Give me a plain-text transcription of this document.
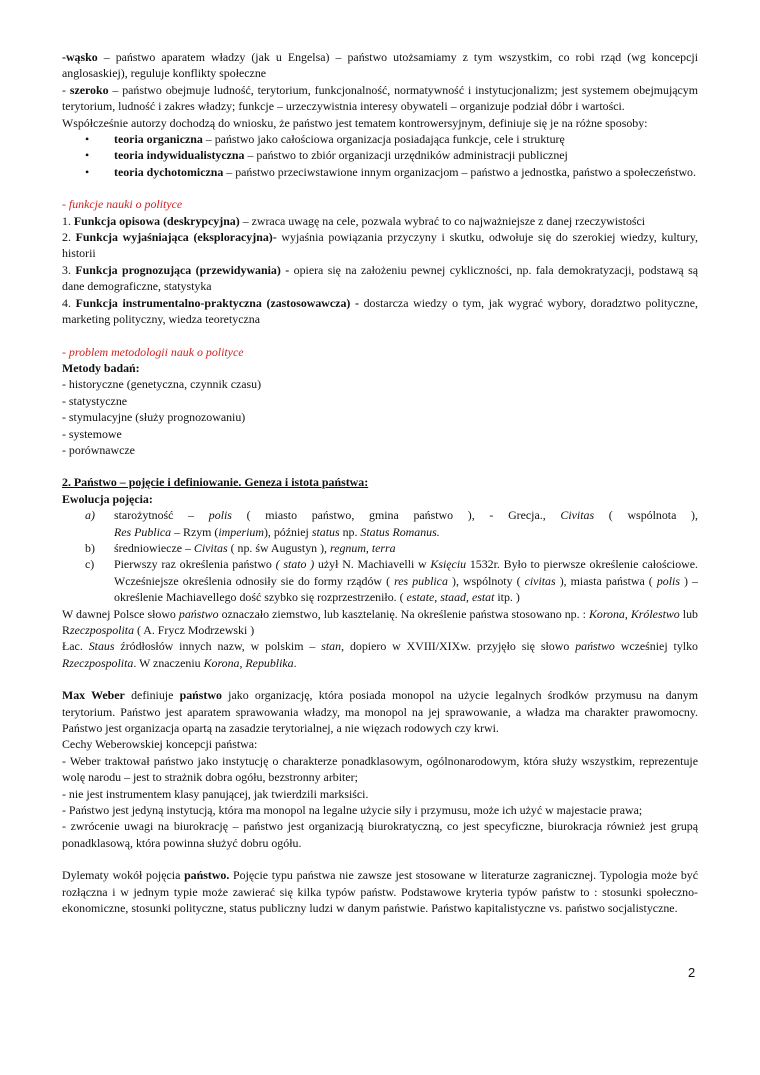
-wąsko – państwo aparatem władzy (jak u Engelsa) – państwo utożsamiamy z tym wszystkim, co robi rząd (wg koncepcji anglosaskiej), reguluje konflikty społeczne

- szeroko – państwo obejmuje ludność, terytorium, funkcjonalność, normatywność i instytucjonalizm; jest systemem obejmującym terytorium, ludność i zakres władzy; funkcje – urzeczywistnia interesy obywateli – organizuje podział dóbr i wartości.

Współcześnie autorzy dochodzą do wniosku, że państwo jest tematem kontrowersyjnym, definiuje się je na różne sposoby:

• teoria organiczna – państwo jako całościowa organizacja posiadająca funkcje, cele i strukturę
• teoria indywidualistyczna – państwo to zbiór organizacji urzędników administracji publicznej
• teoria dychotomiczna – państwo przeciwstawione innym organizacjom – państwo a jednostka, państwo a społeczeństwo.

- funkcje nauki o polityce

1. Funkcja opisowa (deskrypcyjna) – zwraca uwagę na cele, pozwala wybrać to co najważniejsze z danej rzeczywistości

2. Funkcja wyjaśniająca (eksploracyjna)- wyjaśnia powiązania przyczyny i skutku, odwołuje się do szerokiej wiedzy, kultury, historii

3. Funkcja prognozująca (przewidywania) - opiera się na założeniu pewnej cykliczności, np. fala demokratyzacji, podstawą są dane demograficzne, statystyka

4. Funkcja instrumentalno-praktyczna (zastosowawcza) - dostarcza wiedzy o tym, jak wygrać wybory, doradztwo polityczne, marketing polityczny, wiedza teoretyczna

- problem metodologii nauk o polityce

Metody badań:

- historyczne (genetyczna, czynnik czasu)

- statystyczne

- stymulacyjne (służy prognozowaniu)

- systemowe

- porównawcze

2. Państwo – pojęcie i definiowanie. Geneza i istota państwa:

Ewolucja pojęcia:

a) starożytność – polis ( miasto państwo, gmina państwo ), - Grecja., Civitas ( wspólnota ),
Res Publica – Rzym (imperium), później status np. Status Romanus.
b) średniowiecze – Civitas ( np. św Augustyn ), regnum, terra
c) Pierwszy raz określenia państwo ( stato ) użył N. Machiavelli w Księciu 1532r. Było to pierwsze określenie całościowe. Wcześniejsze określenia odnosiły sie do formy rządów ( res publica ), wspólnoty ( civitas ), miasta państwa ( polis ) – określenie Machiavellego dość szybko się rozprzestrzeniło. ( estate, staad, estat itp. )

W dawnej Polsce słowo państwo oznaczało ziemstwo, lub kasztelanię. Na określenie państwa stosowano np. : Korona, Królestwo lub Rzeczpospolita ( A. Frycz Modrzewski )

Łac. Staus źródłosłów innych nazw, w polskim – stan, dopiero w XVIII/XIXw. przyjęło się słowo państwo wcześniej tylko Rzeczpospolita. W znaczeniu Korona, Republika.

Max Weber definiuje państwo jako organizację, która posiada monopol na użycie legalnych środków przymusu na danym terytorium. Państwo jest aparatem sprawowania władzy, ma monopol na jej sprawowanie, a władza ma charakter prawomocny. Państwo jest organizacja opartą na zasadzie terytorialnej, a nie więzach rodowych czy krwi.

Cechy Weberowskiej koncepcji państwa:

- Weber traktował państwo jako instytucję o charakterze ponadklasowym, ogólnonarodowym, która służy wszystkim, reprezentuje wolę narodu – jest to strażnik dobra ogółu, bezstronny arbiter;

- nie jest instrumentem klasy panującej, jak twierdzili marksiści.

- Państwo jest jedyną instytucją, która ma monopol na legalne użycie siły i przymusu, może ich użyć w majestacie prawa;

- zwrócenie uwagi na biurokrację – państwo jest organizacją biurokratyczną, co jest specyficzne, biurokracja również jest grupą ponadklasową, która powinna służyć dobru ogółu.

Dylematy wokół pojęcia państwo. Pojęcie typu państwa nie zawsze jest stosowane w literaturze zagranicznej. Typologia może być rozłączna i w jednym typie może zawierać się kilka typów państw. Podstawowe kryteria typów państw to : stosunki społeczno-ekonomiczne, stosunki polityczne, status publiczny ludzi w danym państwie. Państwo kapitalistyczne vs. państwo socjalistyczne.

2
